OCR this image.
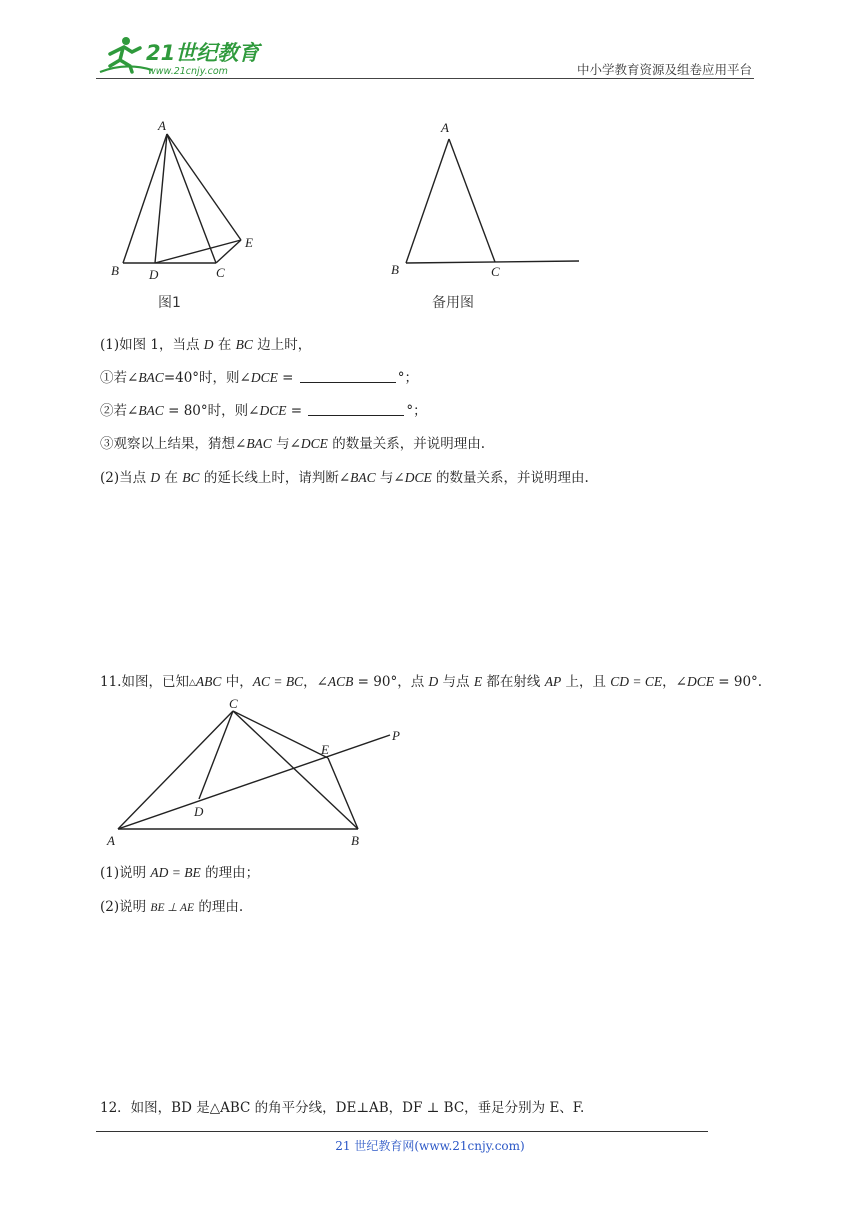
21世纪教育
www.21cnjy.com	中小学教育资源及组卷应用平台
A
B D	C
E
图1
A
B	C
备用图
(1)如图 1，当点 D 在 BC 边上时，
①若∠BAC=40°时，则∠DCE =	°；
②若∠BAC = 80°时，则∠DCE =	°；
③观察以上结果，猜想∠BAC 与∠DCE 的数量关系，并说明理由.
(2)当点 D 在 BC 的延长线上时，请判断∠BAC 与∠DCE 的数量关系，并说明理由.
11.如图，已知△ABC 中，AC = BC，∠ACB = 90°，点 D 与点 E 都在射线 AP 上，且 CD = CE，∠DCE = 90°.
C
E
P
D
A	B
(1)说明 AD = BE 的理由；
(2)说明 BE ⊥ AE 的理由.
12．如图，BD 是△ABC 的角平分线，DE⊥AB，DF ⊥ BC，垂足分别为 E、F.
21 世纪教育网(www.21cnjy.com)
